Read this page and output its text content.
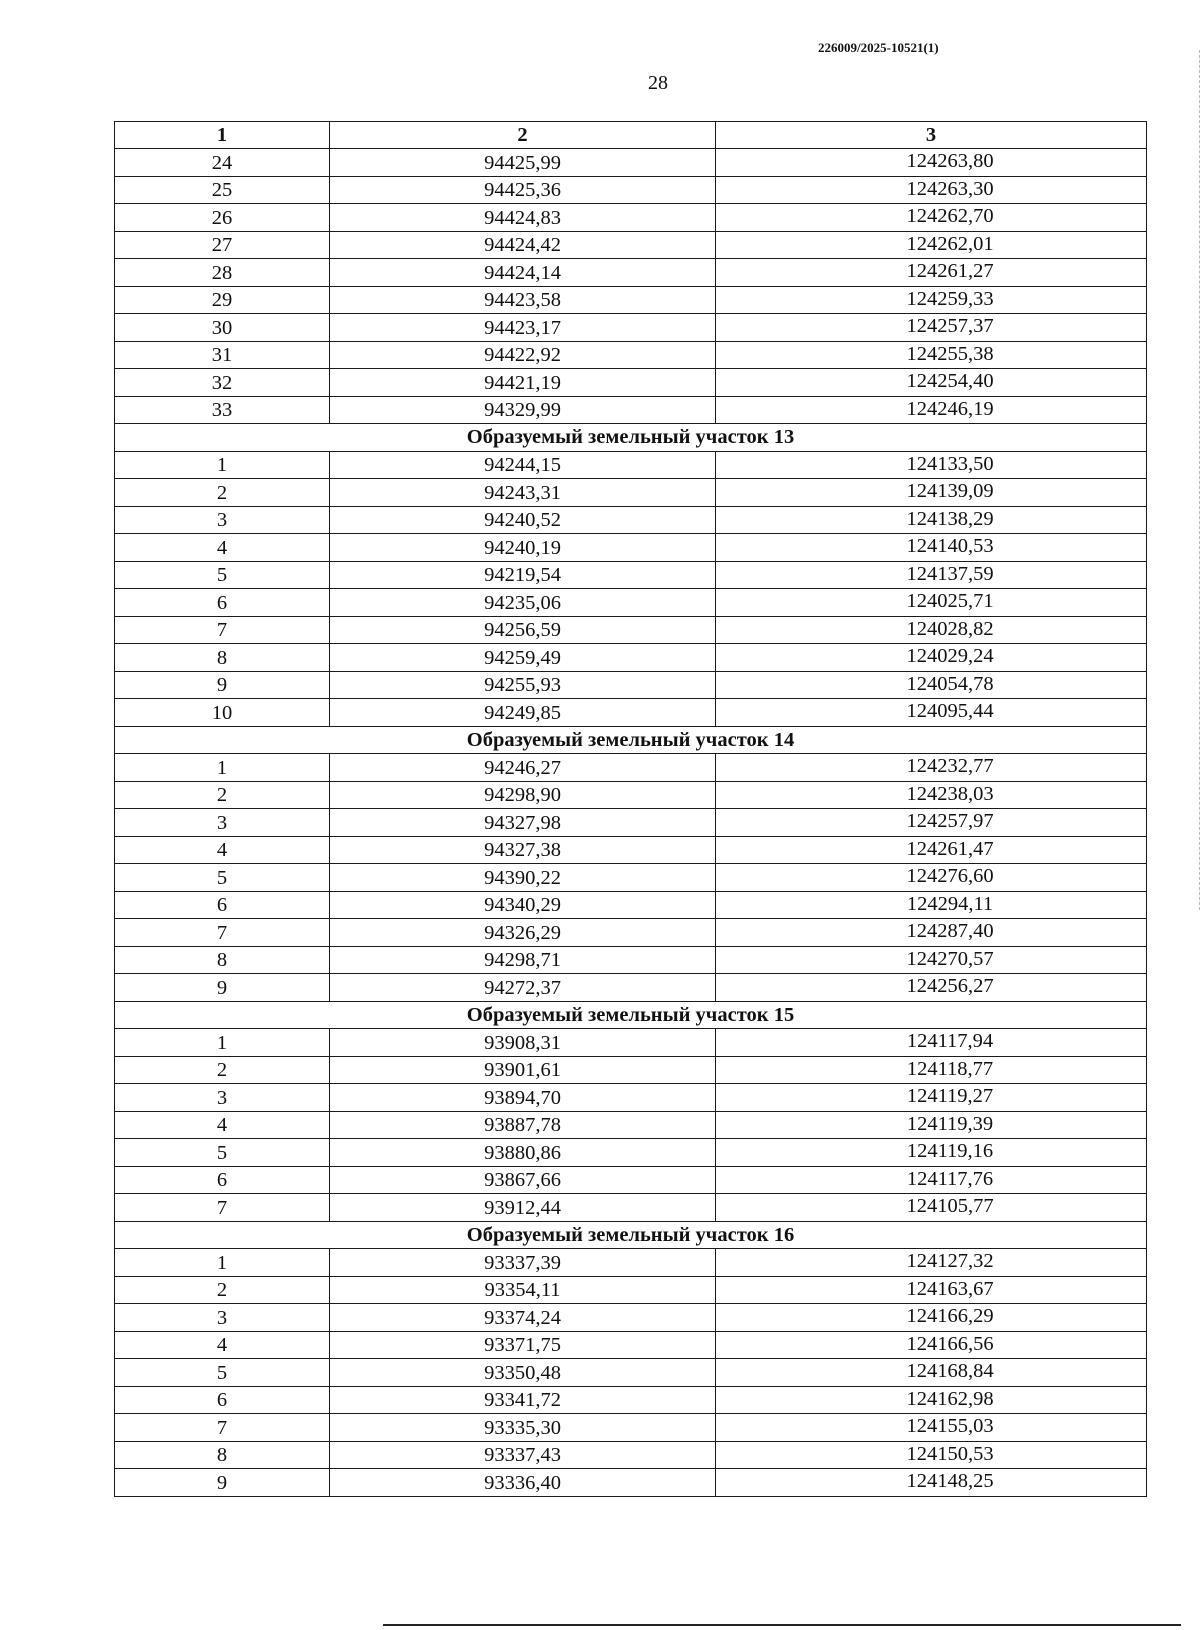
226009/2025-10521(1)
28
1	2	3
24	94425,99	124263,80
25	94425,36	124263,30
26	94424,83	124262,70
27	94424,42	124262,01
28	94424,14	124261,27
29	94423,58	124259,33
30	94423,17	124257,37
31	94422,92	124255,38
32	94421,19	124254,40
33	94329,99	124246,19
Образуемый земельный участок 13		
1	94244,15	124133,50
2	94243,31	124139,09
3	94240,52	124138,29
4	94240,19	124140,53
5	94219,54	124137,59
6	94235,06	124025,71
7	94256,59	124028,82
8	94259,49	124029,24
9	94255,93	124054,78
10	94249,85	124095,44
Образуемый земельный участок 14		
1	94246,27	124232,77
2	94298,90	124238,03
3	94327,98	124257,97
4	94327,38	124261,47
5	94390,22	124276,60
6	94340,29	124294,11
7	94326,29	124287,40
8	94298,71	124270,57
9	94272,37	124256,27
Образуемый земельный участок 15		
1	93908,31	124117,94
2	93901,61	124118,77
3	93894,70	124119,27
4	93887,78	124119,39
5	93880,86	124119,16
6	93867,66	124117,76
7	93912,44	124105,77
Образуемый земельный участок 16		
1	93337,39	124127,32
2	93354,11	124163,67
3	93374,24	124166,29
4	93371,75	124166,56
5	93350,48	124168,84
6	93341,72	124162,98
7	93335,30	124155,03
8	93337,43	124150,53
9	93336,40	124148,25
